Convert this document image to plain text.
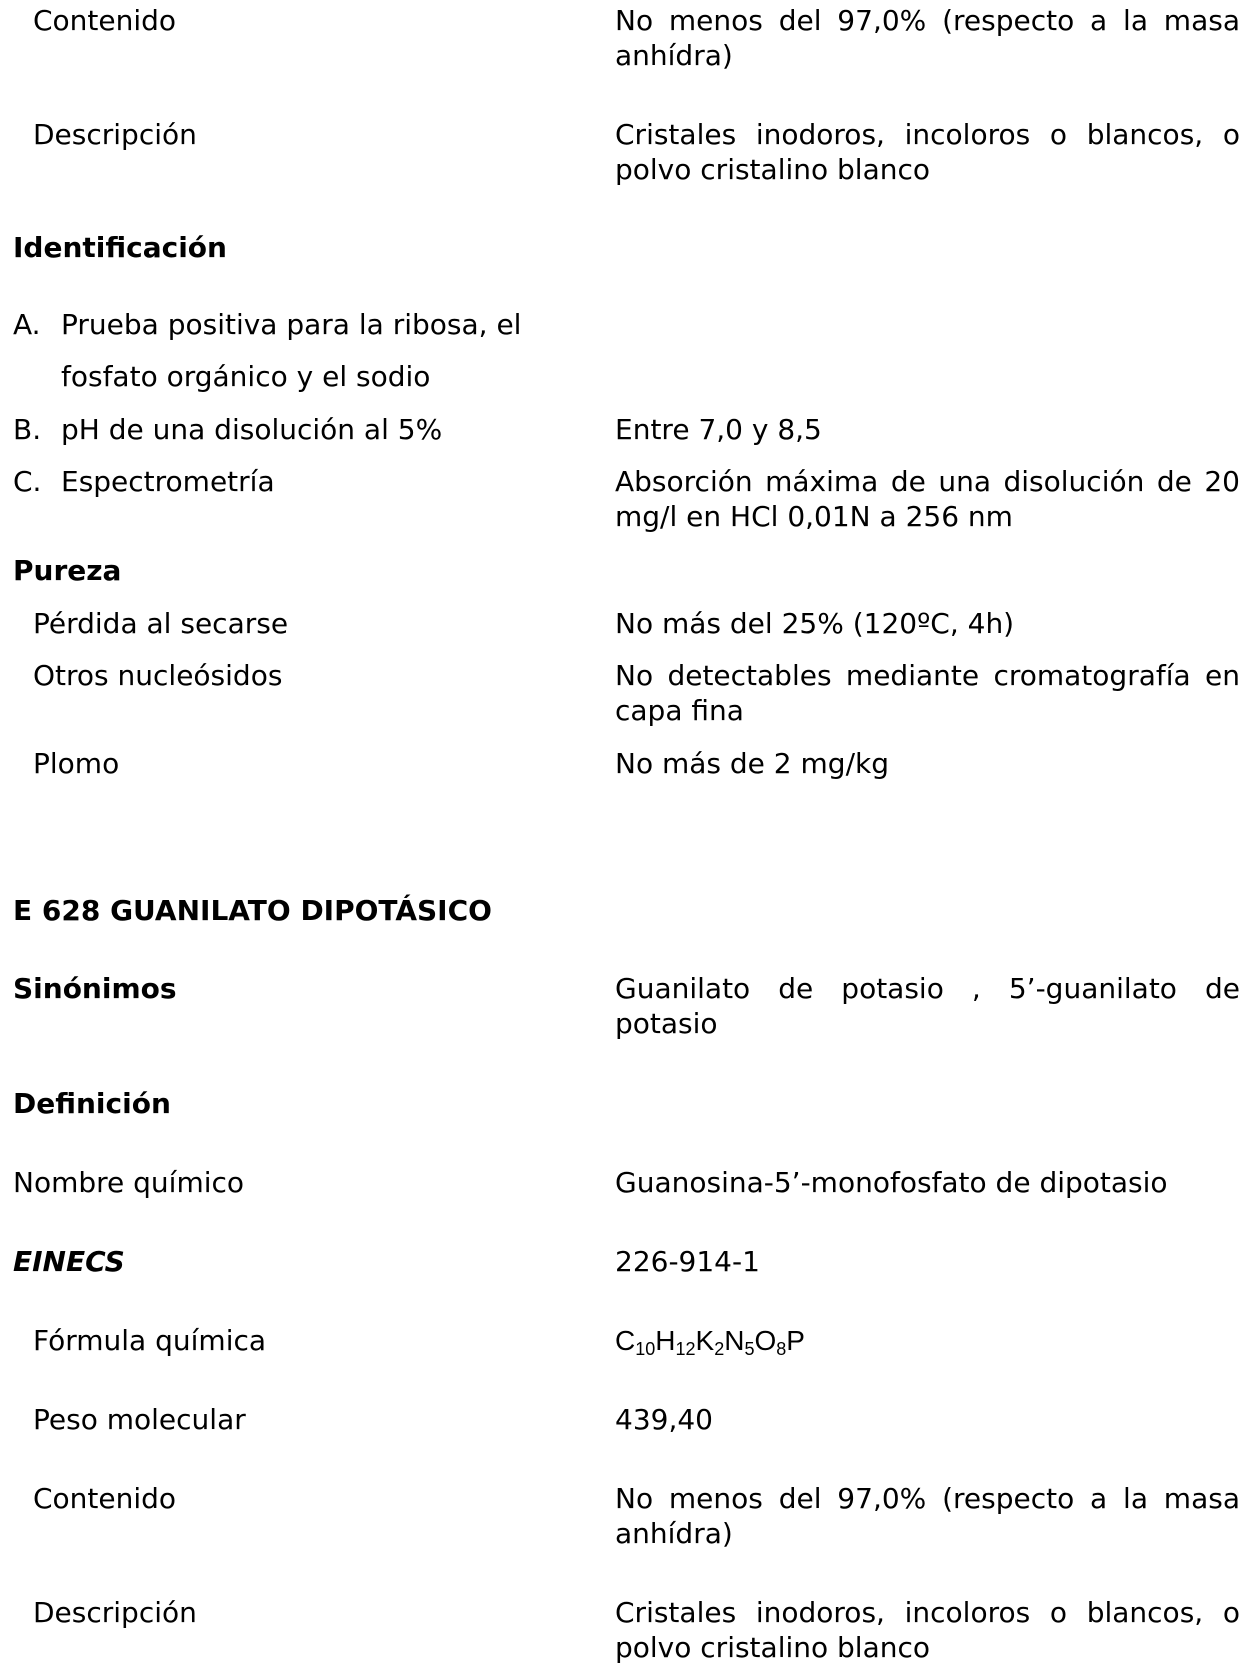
Contenido	No menos del 97,0% (respecto a la masa anhídra)
Descripción	Cristales inodoros, incoloros o blancos, o polvo cristalino blanco
Identificación
A. Prueba positiva para la ribosa, el
fosfato orgánico y el sodio
B. pH de una disolución al 5%	Entre 7,0 y 8,5
C. Espectrometría	Absorción máxima de una disolución de 20 mg/l en HCl 0,01N a 256 nm
Pureza
Pérdida al secarse	No más del 25% (120ºC, 4h)
Otros nucleósidos	No detectables mediante cromatografía en capa fina
Plomo	No más de 2 mg/kg
E 628 GUANILATO DIPOTÁSICO
Sinónimos	Guanilato de potasio , 5’-guanilato de potasio
Definición
Nombre químico	Guanosina-5’-monofosfato de dipotasio
EINECS	226-914-1
Fórmula química	$C_{10}H_{12}K_2N_5O_8P$
Peso molecular	439,40
Contenido	No menos del 97,0% (respecto a la masa anhídra)
Descripción	Cristales inodoros, incoloros o blancos, o polvo cristalino blanco
